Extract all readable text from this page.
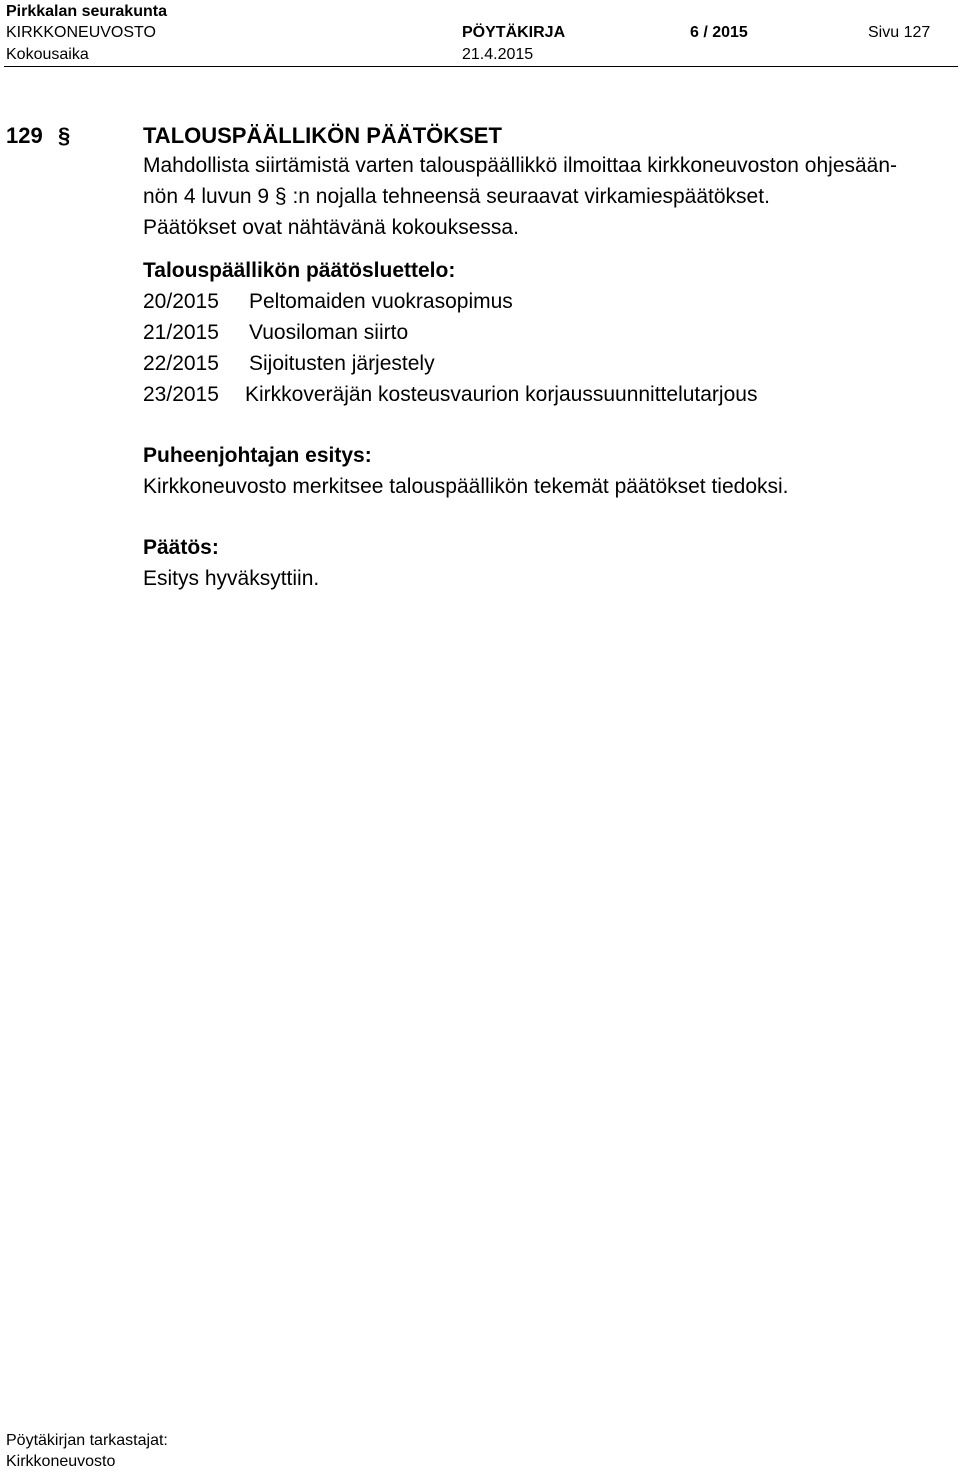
Pirkkalan seurakunta
KIRKKONEUVOSTO	PÖYTÄKIRJA	6 / 2015	Sivu 127
Kokousaika	21.4.2015
129 §	TALOUSPÄÄLLIKÖN PÄÄTÖKSET
Mahdollista siirtämistä varten talouspäällikkö ilmoittaa kirkkoneuvoston ohjesään-
nön 4 luvun 9 § :n nojalla tehneensä seuraavat virkamiespäätökset.
Päätökset ovat nähtävänä kokouksessa.
Talouspäällikön päätösluettelo:
20/2015 Peltomaiden vuokrasopimus
21/2015 Vuosiloman siirto
22/2015 Sijoitusten järjestely
23/2015 Kirkkoveräjän kosteusvaurion korjaussuunnittelutarjous
Puheenjohtajan esitys:
Kirkkoneuvosto merkitsee talouspäällikön tekemät päätökset tiedoksi.
Päätös:
Esitys hyväksyttiin.
Pöytäkirjan tarkastajat:
Kirkkoneuvosto
